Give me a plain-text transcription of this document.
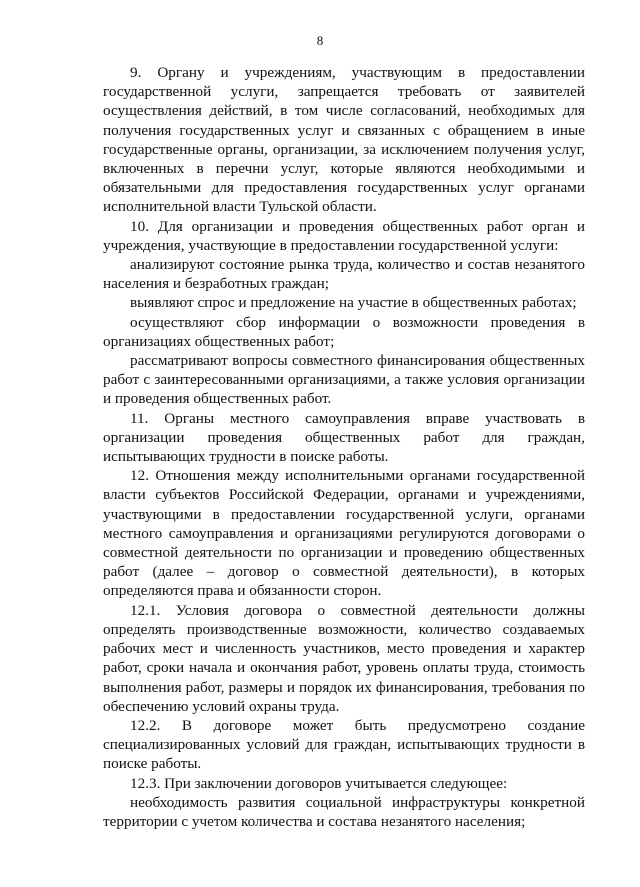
8

9. Органу и учреждениям, участвующим в предоставлении государственной услуги, запрещается требовать от заявителей осуществления действий, в том числе согласований, необходимых для получения государственных услуг и связанных с обращением в иные государственные органы, организации, за исключением получения услуг, включенных в перечни услуг, которые являются необходимыми и обязательными для предоставления государственных услуг органами исполнительной власти Тульской области.

10. Для организации и проведения общественных работ орган и учреждения, участвующие в предоставлении государственной услуги:

анализируют состояние рынка труда, количество и состав незанятого населения и безработных граждан;

выявляют спрос и предложение на участие в общественных работах;

осуществляют сбор информации о возможности проведения в организациях общественных работ;

рассматривают вопросы совместного финансирования общественных работ с заинтересованными организациями, а также условия организации и проведения общественных работ.

11. Органы местного самоуправления вправе участвовать в организации проведения общественных работ для граждан, испытывающих трудности в поиске работы.

12. Отношения между исполнительными органами государственной власти субъектов Российской Федерации, органами и учреждениями, участвующими в предоставлении государственной услуги, органами местного самоуправления и организациями регулируются договорами о совместной деятельности по организации и проведению общественных работ (далее – договор о совместной деятельности), в которых определяются права и обязанности сторон.

12.1. Условия договора о совместной деятельности должны определять производственные возможности, количество создаваемых рабочих мест и численность участников, место проведения и характер работ, сроки начала и окончания работ, уровень оплаты труда, стоимость выполнения работ, размеры и порядок их финансирования, требования по обеспечению условий охраны труда.

12.2. В договоре может быть предусмотрено создание специализированных условий для граждан, испытывающих трудности в поиске работы.

12.3. При заключении договоров учитывается следующее:

необходимость развития социальной инфраструктуры конкретной территории с учетом количества и состава незанятого населения;
